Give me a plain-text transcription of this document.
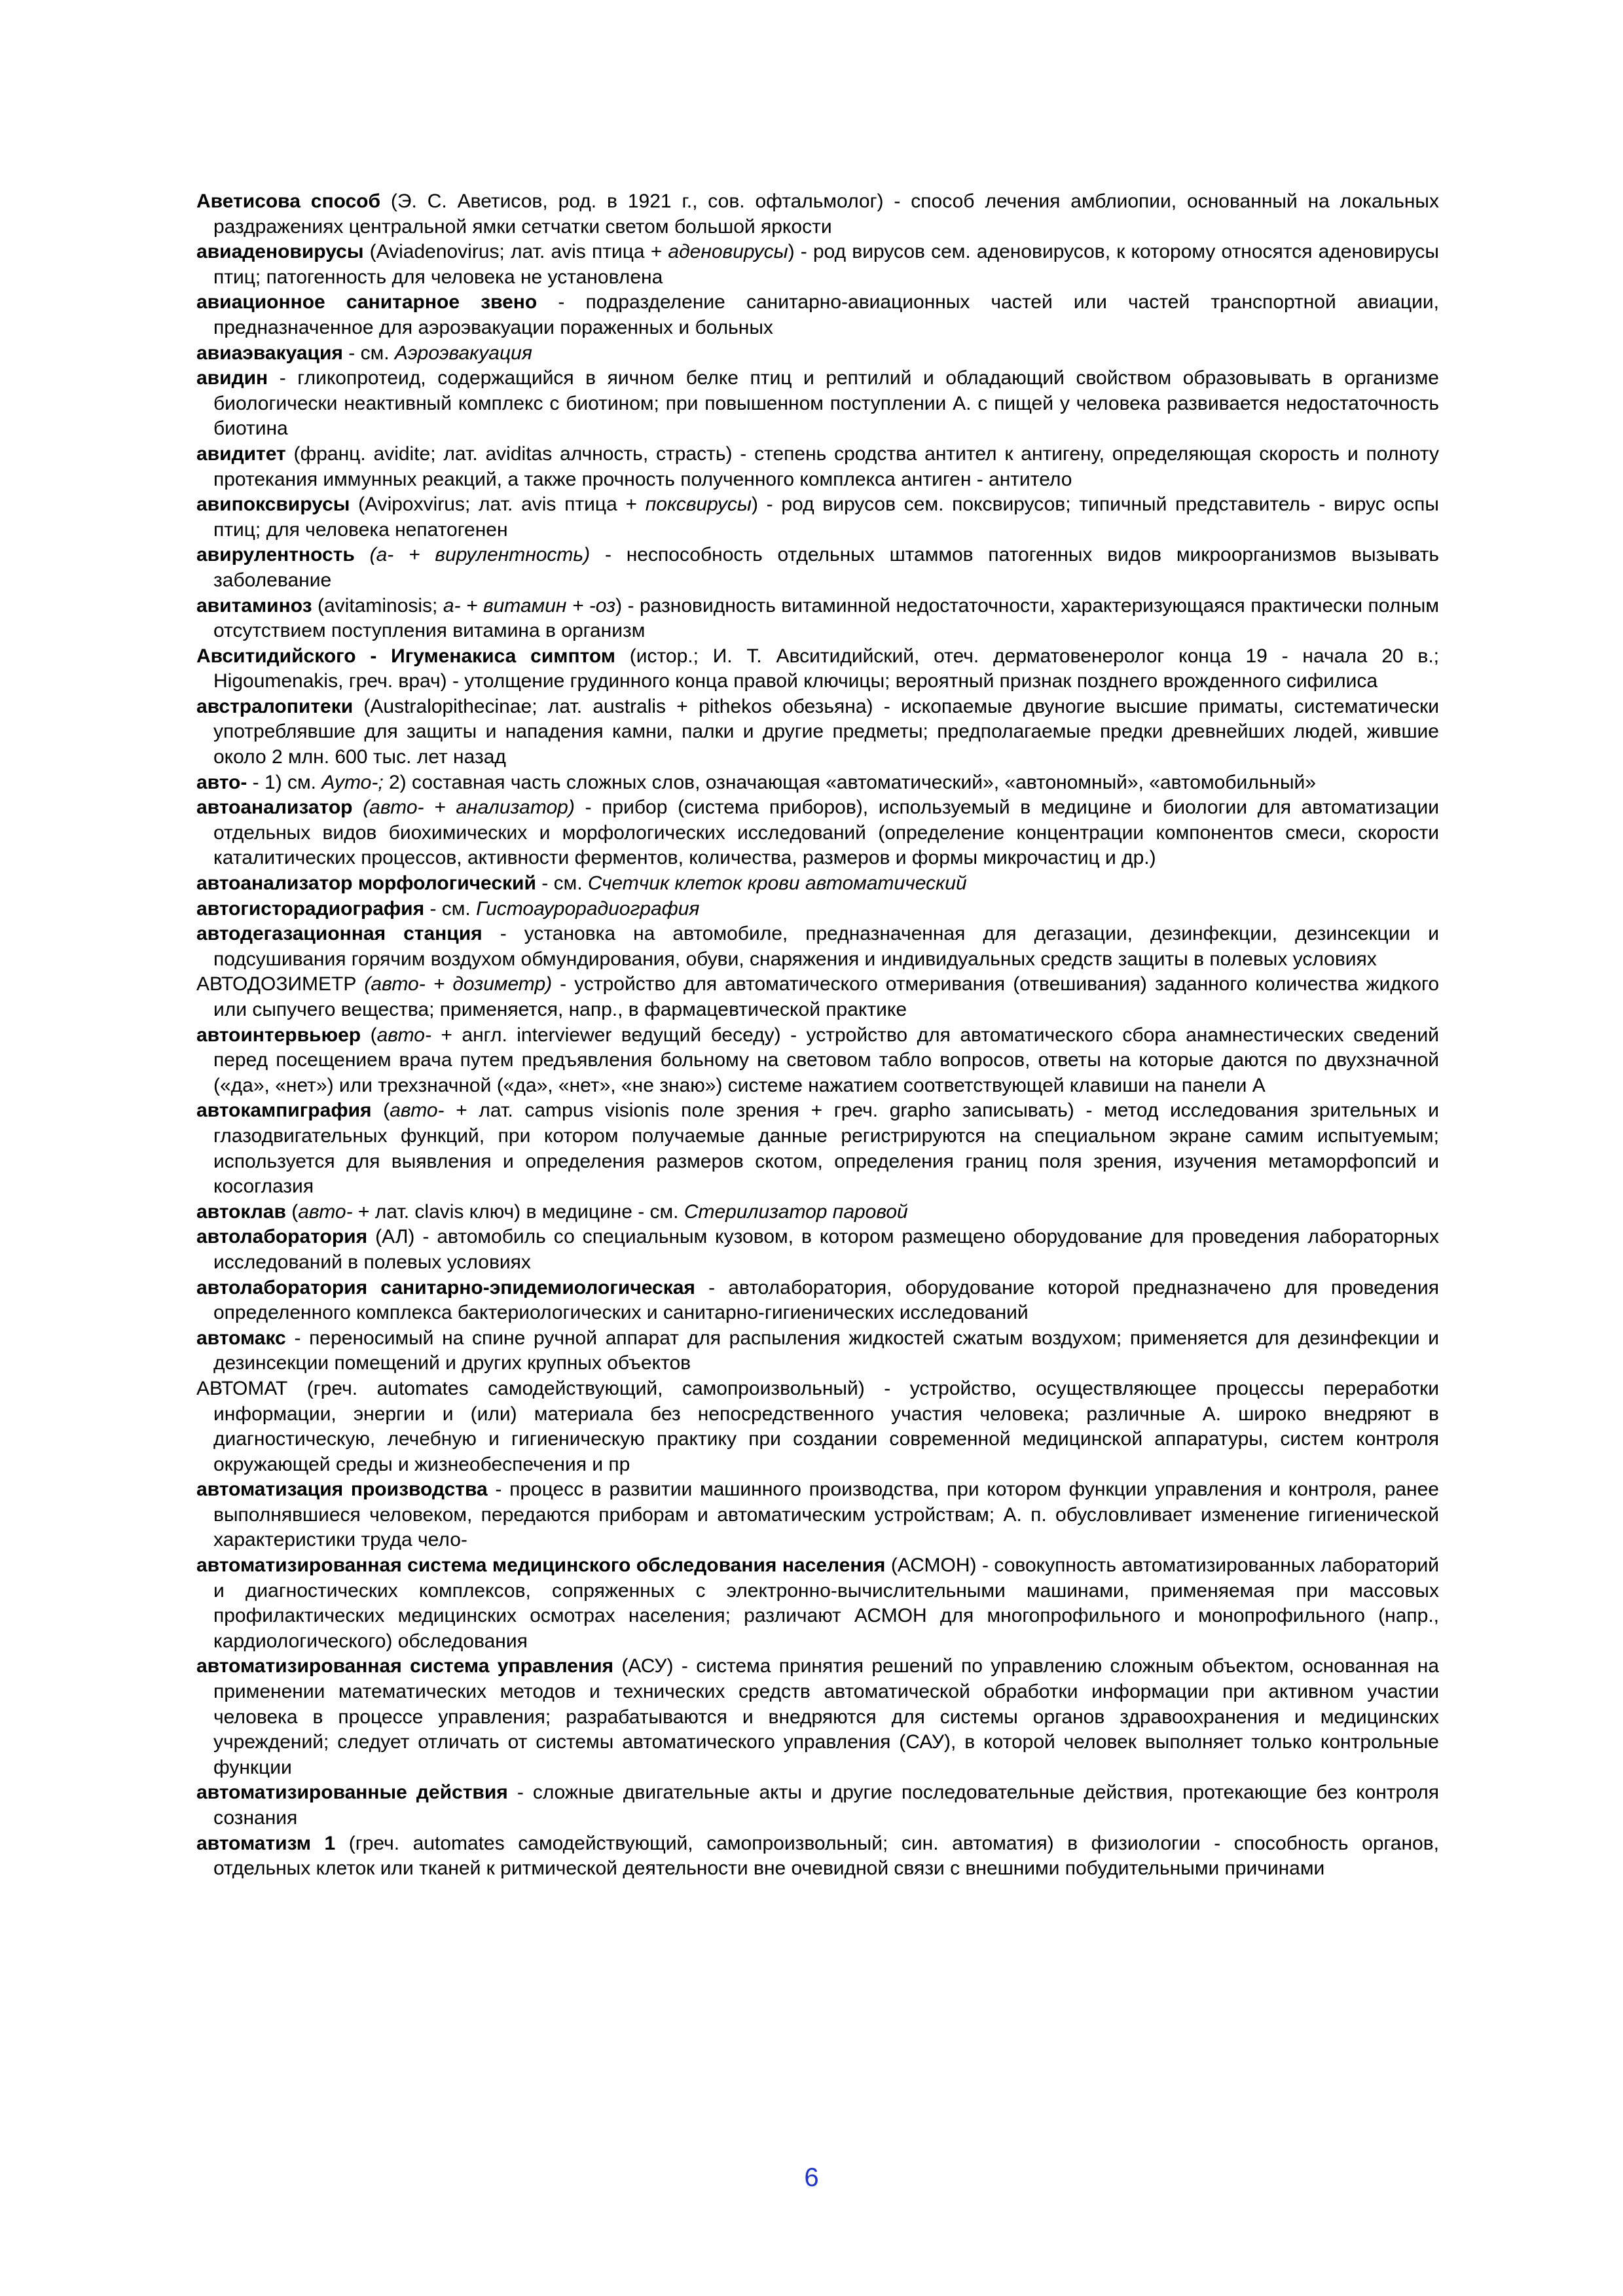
Аветисова способ (Э. С. Аветисов, род. в 1921 г., сов. офтальмолог) - способ лечения амблиопии, основанный на локальных раздражениях центральной ямки сетчатки светом большой яркости

авиаденовирусы (Aviadenovirus; лат. avis птица + аденовирусы) - род вирусов сем. аденовирусов, к которому относятся аденовирусы птиц; патогенность для человека не установлена

авиационное санитарное звено - подразделение санитарно-авиационных частей или частей транспортной авиации, предназначенное для аэроэвакуации пораженных и больных

авиаэвакуация - см. Аэроэвакуация

авидин - гликопротеид, содержащийся в яичном белке птиц и рептилий и обладающий свойством образовывать в организме биологически неактивный комплекс с биотином; при повышенном поступлении А. с пищей у человека развивается недостаточность биотина

авидитет (франц. avidite; лат. aviditas алчность, страсть) - степень сродства антител к антигену, определяющая скорость и полноту протекания иммунных реакций, а также прочность полученного комплекса антиген - антитело

авипоксвирусы (Avipoxvirus; лат. avis птица + поксвирусы) - род вирусов сем. поксвирусов; типичный представитель - вирус оспы птиц; для человека непатогенен

авирулентность (а- + вирулентность) - неспособность отдельных штаммов патогенных видов микроорганизмов вызывать заболевание

авитаминоз (avitaminosis; а- + витамин + -оз) - разновидность витаминной недостаточности, характеризующаяся практически полным отсутствием поступления витамина в организм

Авситидийского - Игуменакиса симптом (истор.; И. Т. Авситидийский, отеч. дерматовенеролог конца 19 - начала 20 в.; Higoumenakis, греч. врач) - утолщение грудинного конца правой ключицы; вероятный признак позднего врожденного сифилиса

австралопитеки (Australopithecinae; лат. australis + pithekos обезьяна) - ископаемые двуногие высшие приматы, систематически употреблявшие для защиты и нападения камни, палки и другие предметы; предполагаемые предки древнейших людей, жившие около 2 млн. 600 тыс. лет назад

авто- - 1) см. Ауто-; 2) составная часть сложных слов, означающая «автоматический», «автономный», «автомобильный»

автоанализатор (авто- + анализатор) - прибор (система приборов), используемый в медицине и биологии для автоматизации отдельных видов биохимических и морфологических исследований (определение концентрации компонентов смеси, скорости каталитических процессов, активности ферментов, количества, размеров и формы микрочастиц и др.)

автоанализатор морфологический - см. Счетчик клеток крови автоматический

автогисторадиография - см. Гистоаурорадиография

автодегазационная станция - установка на автомобиле, предназначенная для дегазации, дезинфекции, дезинсекции и подсушивания горячим воздухом обмундирования, обуви, снаряжения и индивидуальных средств защиты в полевых условиях

АВТОДОЗИМЕТР (авто- + дозиметр) - устройство для автоматического отмеривания (отвешивания) заданного количества жидкого или сыпучего вещества; применяется, напр., в фармацевтической практике

автоинтервьюер (авто- + англ. interviewer ведущий беседу) - устройство для автоматического сбора анамнестических сведений перед посещением врача путем предъявления больному на световом табло вопросов, ответы на которые даются по двухзначной («да», «нет») или трехзначной («да», «нет», «не знаю») системе нажатием соответствующей клавиши на панели А

автокампиграфия (авто- + лат. campus visionis поле зрения + греч. grapho записывать) - метод исследования зрительных и глазодвигательных функций, при котором получаемые данные регистрируются на специальном экране самим испытуемым; используется для выявления и определения размеров скотом, определения границ поля зрения, изучения метаморфопсий и косоглазия

автоклав (авто- + лат. clavis ключ) в медицине - см. Стерилизатор паровой

автолаборатория (АЛ) - автомобиль со специальным кузовом, в котором размещено оборудование для проведения лабораторных исследований в полевых условиях

автолаборатория санитарно-эпидемиологическая - автолаборатория, оборудование которой предназначено для проведения определенного комплекса бактериологических и санитарно-гигиенических исследований

автомакс - переносимый на спине ручной аппарат для распыления жидкостей сжатым воздухом; применяется для дезинфекции и дезинсекции помещений и других крупных объектов

АВТОМАТ (греч. automates самодействующий, самопроизвольный) - устройство, осуществляющее процессы переработки информации, энергии и (или) материала без непосредственного участия человека; различные А. широко внедряют в диагностическую, лечебную и гигиеническую практику при создании современной медицинской аппаратуры, систем контроля окружающей среды и жизнеобеспечения и пр

автоматизация производства - процесс в развитии машинного производства, при котором функции управления и контроля, ранее выполнявшиеся человеком, передаются приборам и автоматическим устройствам; А. п. обусловливает изменение гигиенической характеристики труда чело-

автоматизированная система медицинского обследования населения (АСМОН) - совокупность автоматизированных лабораторий и диагностических комплексов, сопряженных с электронно-вычислительными машинами, применяемая при массовых профилактических медицинских осмотрах населения; различают АСМОН для многопрофильного и монопрофильного (напр., кардиологического) обследования

автоматизированная система управления (АСУ) - система принятия решений по управлению сложным объектом, основанная на применении математических методов и технических средств автоматической обработки информации при активном участии человека в процессе управления; разрабатываются и внедряются для системы органов здравоохранения и медицинских учреждений; следует отличать от системы автоматического управления (САУ), в которой человек выполняет только контрольные функции

автоматизированные действия - сложные двигательные акты и другие последовательные действия, протекающие без контроля сознания

автоматизм 1 (греч. automates самодействующий, самопроизвольный; син. автоматия) в физиологии - способность органов, отдельных клеток или тканей к ритмической деятельности вне очевидной связи с внешними побудительными причинами

6
